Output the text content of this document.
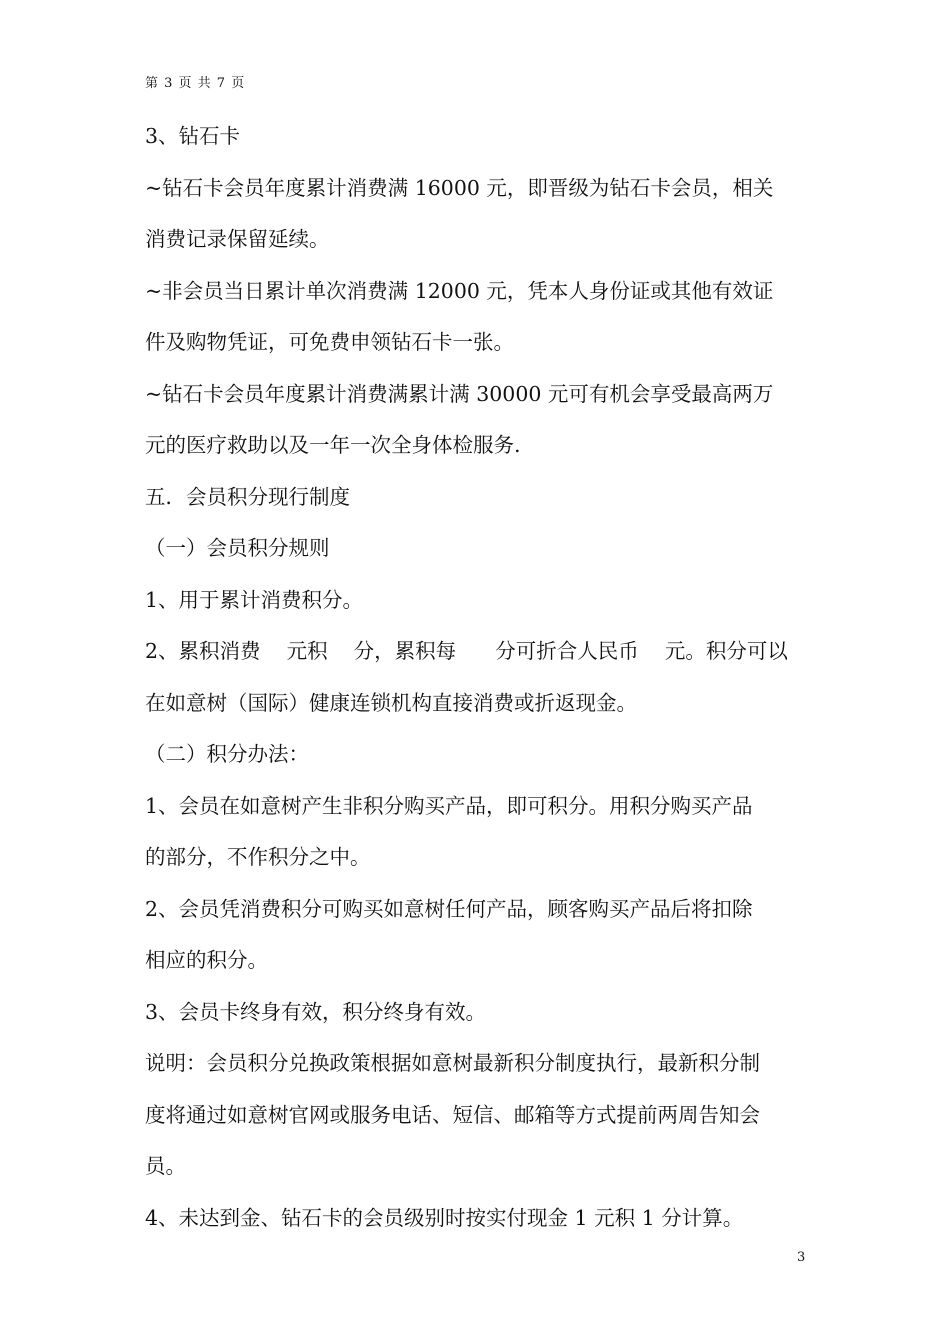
第 3 页 共 7 页
3、钻石卡
~钻石卡会员年度累计消费满 16000 元，即晋级为钻石卡会员，相关
消费记录保留延续。
~非会员当日累计单次消费满 12000 元，凭本人身份证或其他有效证
件及购物凭证，可免费申领钻石卡一张。
~钻石卡会员年度累计消费满累计满 30000 元可有机会享受最高两万
元的医疗救助以及一年一次全身体检服务.
五．会员积分现行制度
（一）会员积分规则
1、用于累计消费积分。
2、累积消费    元积    分，累积每      分可折合人民币    元。积分可以
在如意树（国际）健康连锁机构直接消费或折返现金。
（二）积分办法：
1、会员在如意树产生非积分购买产品，即可积分。用积分购买产品
的部分，不作积分之中。
2、会员凭消费积分可购买如意树任何产品，顾客购买产品后将扣除
相应的积分。
3、会员卡终身有效，积分终身有效。
说明：会员积分兑换政策根据如意树最新积分制度执行，最新积分制
度将通过如意树官网或服务电话、短信、邮箱等方式提前两周告知会
员。
4、未达到金、钻石卡的会员级别时按实付现金 1 元积 1 分计算。
3
